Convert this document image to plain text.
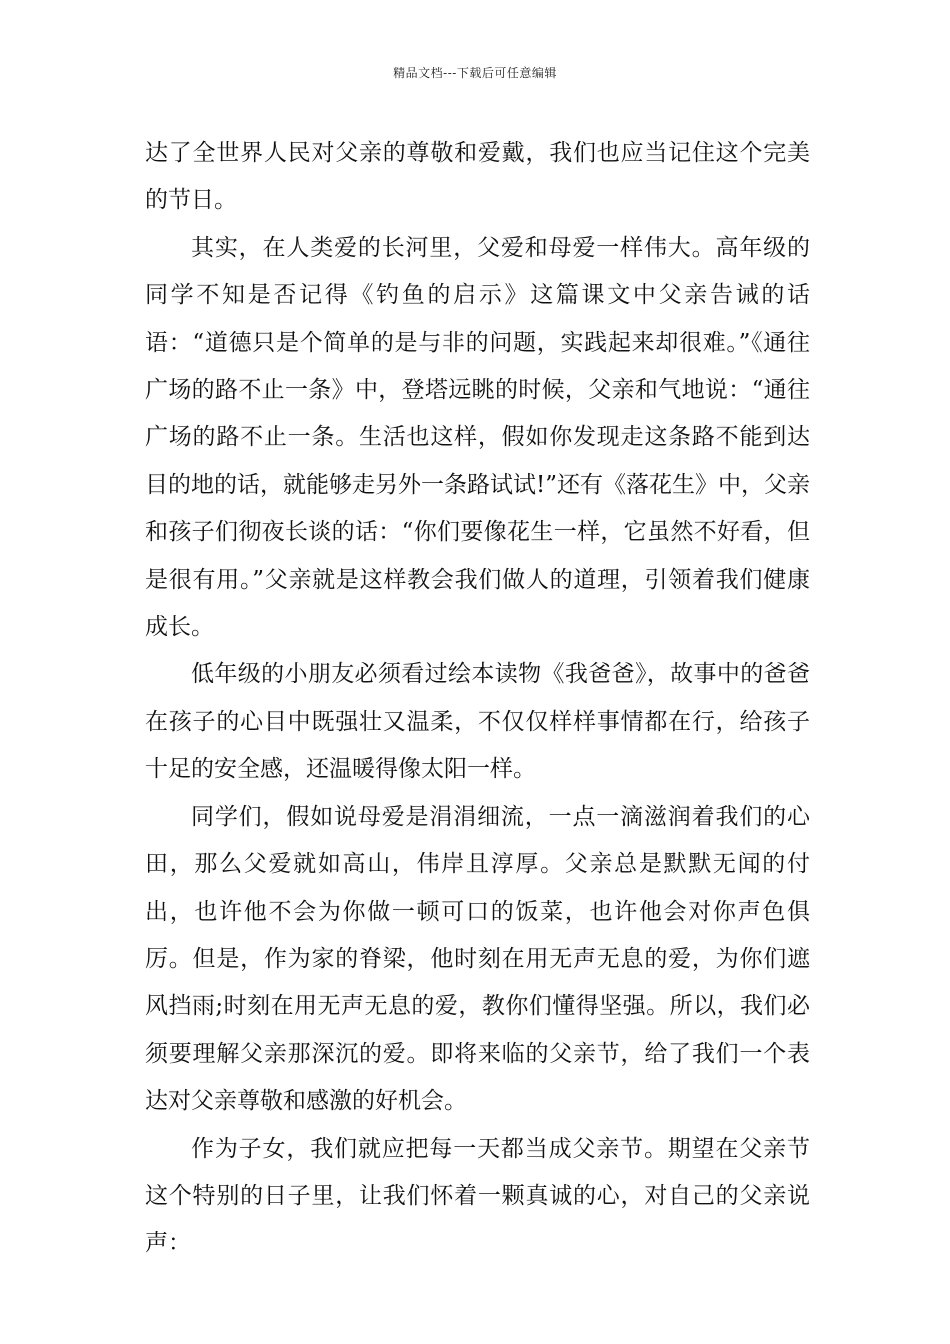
精品文档---下载后可任意编辑

达了全世界人民对父亲的尊敬和爱戴，我们也应当记住这个完美的节日。

其实，在人类爱的长河里，父爱和母爱一样伟大。高年级的同学不知是否记得《钓鱼的启示》这篇课文中父亲告诫的话语：“道德只是个简单的是与非的问题，实践起来却很难。”《通往广场的路不止一条》中，登塔远眺的时候，父亲和气地说：“通往广场的路不止一条。生活也这样，假如你发现走这条路不能到达目的地的话，就能够走另外一条路试试!”还有《落花生》中，父亲和孩子们彻夜长谈的话：“你们要像花生一样，它虽然不好看，但是很有用。”父亲就是这样教会我们做人的道理，引领着我们健康成长。

低年级的小朋友必须看过绘本读物《我爸爸》，故事中的爸爸在孩子的心目中既强壮又温柔，不仅仅样样事情都在行，给孩子十足的安全感，还温暖得像太阳一样。

同学们，假如说母爱是涓涓细流，一点一滴滋润着我们的心田，那么父爱就如高山，伟岸且淳厚。父亲总是默默无闻的付出，也许他不会为你做一顿可口的饭菜，也许他会对你声色俱厉。但是，作为家的脊梁，他时刻在用无声无息的爱，为你们遮风挡雨;时刻在用无声无息的爱，教你们懂得坚强。所以，我们必须要理解父亲那深沉的爱。即将来临的父亲节，给了我们一个表达对父亲尊敬和感激的好机会。

作为子女，我们就应把每一天都当成父亲节。期望在父亲节这个特别的日子里，让我们怀着一颗真诚的心，对自己的父亲说声：
